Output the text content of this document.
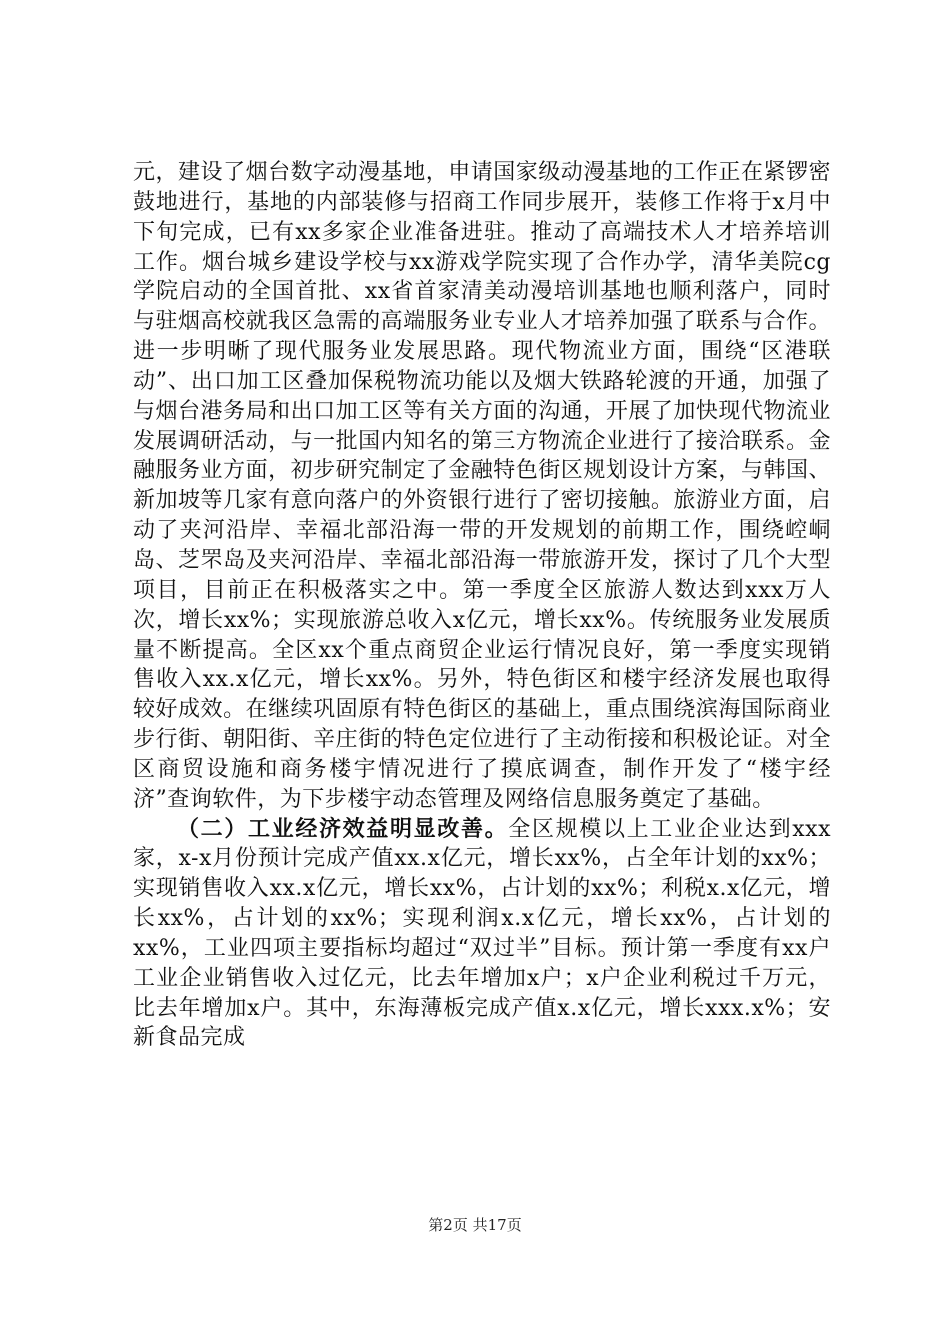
元，建设了烟台数字动漫基地，申请国家级动漫基地的工作正在紧锣密鼓地进行，基地的内部装修与招商工作同步展开，装修工作将于x月中下旬完成，已有xx多家企业准备进驻。推动了高端技术人才培养培训工作。烟台城乡建设学校与xx游戏学院实现了合作办学，清华美院cg学院启动的全国首批、xx省首家清美动漫培训基地也顺利落户，同时与驻烟高校就我区急需的高端服务业专业人才培养加强了联系与合作。进一步明晰了现代服务业发展思路。现代物流业方面，围绕“区港联动”、出口加工区叠加保税物流功能以及烟大铁路轮渡的开通，加强了与烟台港务局和出口加工区等有关方面的沟通，开展了加快现代物流业发展调研活动，与一批国内知名的第三方物流企业进行了接洽联系。金融服务业方面，初步研究制定了金融特色街区规划设计方案，与韩国、新加坡等几家有意向落户的外资银行进行了密切接触。旅游业方面，启动了夹河沿岸、幸福北部沿海一带的开发规划的前期工作，围绕崆峒岛、芝罘岛及夹河沿岸、幸福北部沿海一带旅游开发，探讨了几个大型项目，目前正在积极落实之中。第一季度全区旅游人数达到xxx万人次，增长xx%；实现旅游总收入x亿元，增长xx%。传统服务业发展质量不断提高。全区xx个重点商贸企业运行情况良好，第一季度实现销售收入xx.x亿元，增长xx%。另外，特色街区和楼宇经济发展也取得较好成效。在继续巩固原有特色街区的基础上，重点围绕滨海国际商业步行街、朝阳街、辛庄街的特色定位进行了主动衔接和积极论证。对全区商贸设施和商务楼宇情况进行了摸底调查，制作开发了“楼宇经济”查询软件，为下步楼宇动态管理及网络信息服务奠定了基础。

（二）工业经济效益明显改善。全区规模以上工业企业达到xxx家，x-x月份预计完成产值xx.x亿元，增长xx%，占全年计划的xx%；实现销售收入xx.x亿元，增长xx%，占计划的xx%；利税x.x亿元，增长xx%，占计划的xx%；实现利润x.x亿元，增长xx%，占计划的xx%，工业四项主要指标均超过“双过半”目标。预计第一季度有xx户工业企业销售收入过亿元，比去年增加x户；x户企业利税过千万元，比去年增加x户。其中，东海薄板完成产值x.x亿元，增长xxx.x%；安新食品完成

第2页 共17页
